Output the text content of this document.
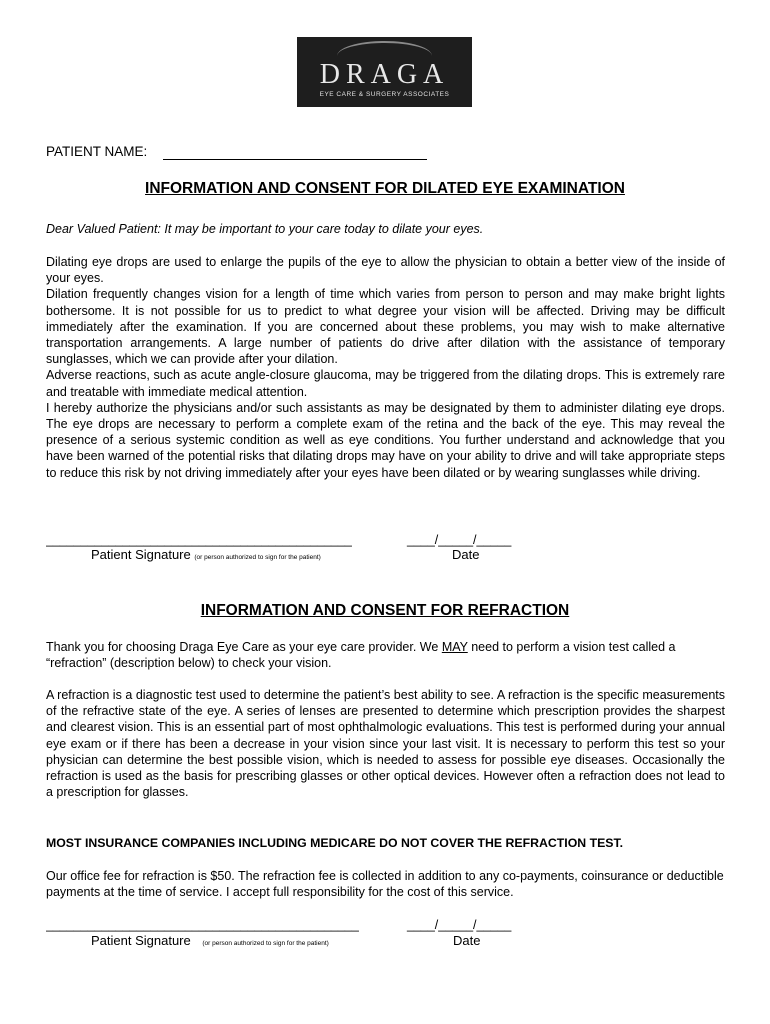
DRAGA
EYE CARE & SURGERY ASSOCIATES
PATIENT NAME:
INFORMATION AND CONSENT FOR DILATED EYE EXAMINATION
Dear Valued Patient: It may be important to your care today to dilate your eyes.

Dilating eye drops are used to enlarge the pupils of the eye to allow the physician to obtain a better view of the inside of your eyes.

Dilation frequently changes vision for a length of time which varies from person to person and may make bright lights bothersome. It is not possible for us to predict to what degree your vision will be affected. Driving may be difficult immediately after the examination. If you are concerned about these problems, you may wish to make alternative transportation arrangements. A large number of patients do drive after dilation with the assistance of temporary sunglasses, which we can provide after your dilation.

Adverse reactions, such as acute angle-closure glaucoma, may be triggered from the dilating drops. This is extremely rare and treatable with immediate medical attention.

I hereby authorize the physicians and/or such assistants as may be designated by them to administer dilating eye drops. The eye drops are necessary to perform a complete exam of the retina and the back of the eye. This may reveal the presence of a serious systemic condition as well as eye conditions. You further understand and acknowledge that you have been warned of the potential risks that dilating drops may have on your ability to drive and will take appropriate steps to reduce this risk by not driving immediately after your eyes have been dilated or by wearing sunglasses while driving.

____________________________________________	____/_____/_____
Patient Signature (or person authorized to sign for the patient)	Date
INFORMATION AND CONSENT FOR REFRACTION
Thank you for choosing Draga Eye Care as your eye care provider. We MAY need to perform a vision test called a “refraction” (description below) to check your vision.
A refraction is a diagnostic test used to determine the patient’s best ability to see. A refraction is the specific measurements of the refractive state of the eye. A series of lenses are presented to determine which prescription provides the sharpest and clearest vision. This is an essential part of most ophthalmologic evaluations. This test is performed during your annual eye exam or if there has been a decrease in your vision since your last visit. It is necessary to perform this test so your physician can determine the best possible vision, which is needed to assess for possible eye diseases. Occasionally the refraction is used as the basis for prescribing glasses or other optical devices. However often a refraction does not lead to a prescription for glasses.
MOST INSURANCE COMPANIES INCLUDING MEDICARE DO NOT COVER THE REFRACTION TEST.
Our office fee for refraction is $50. The refraction fee is collected in addition to any co-payments, coinsurance or deductible payments at the time of service. I accept full responsibility for the cost of this service.
_____________________________________________	____/_____/_____
Patient Signature (or person authorized to sign for the patient)	Date
